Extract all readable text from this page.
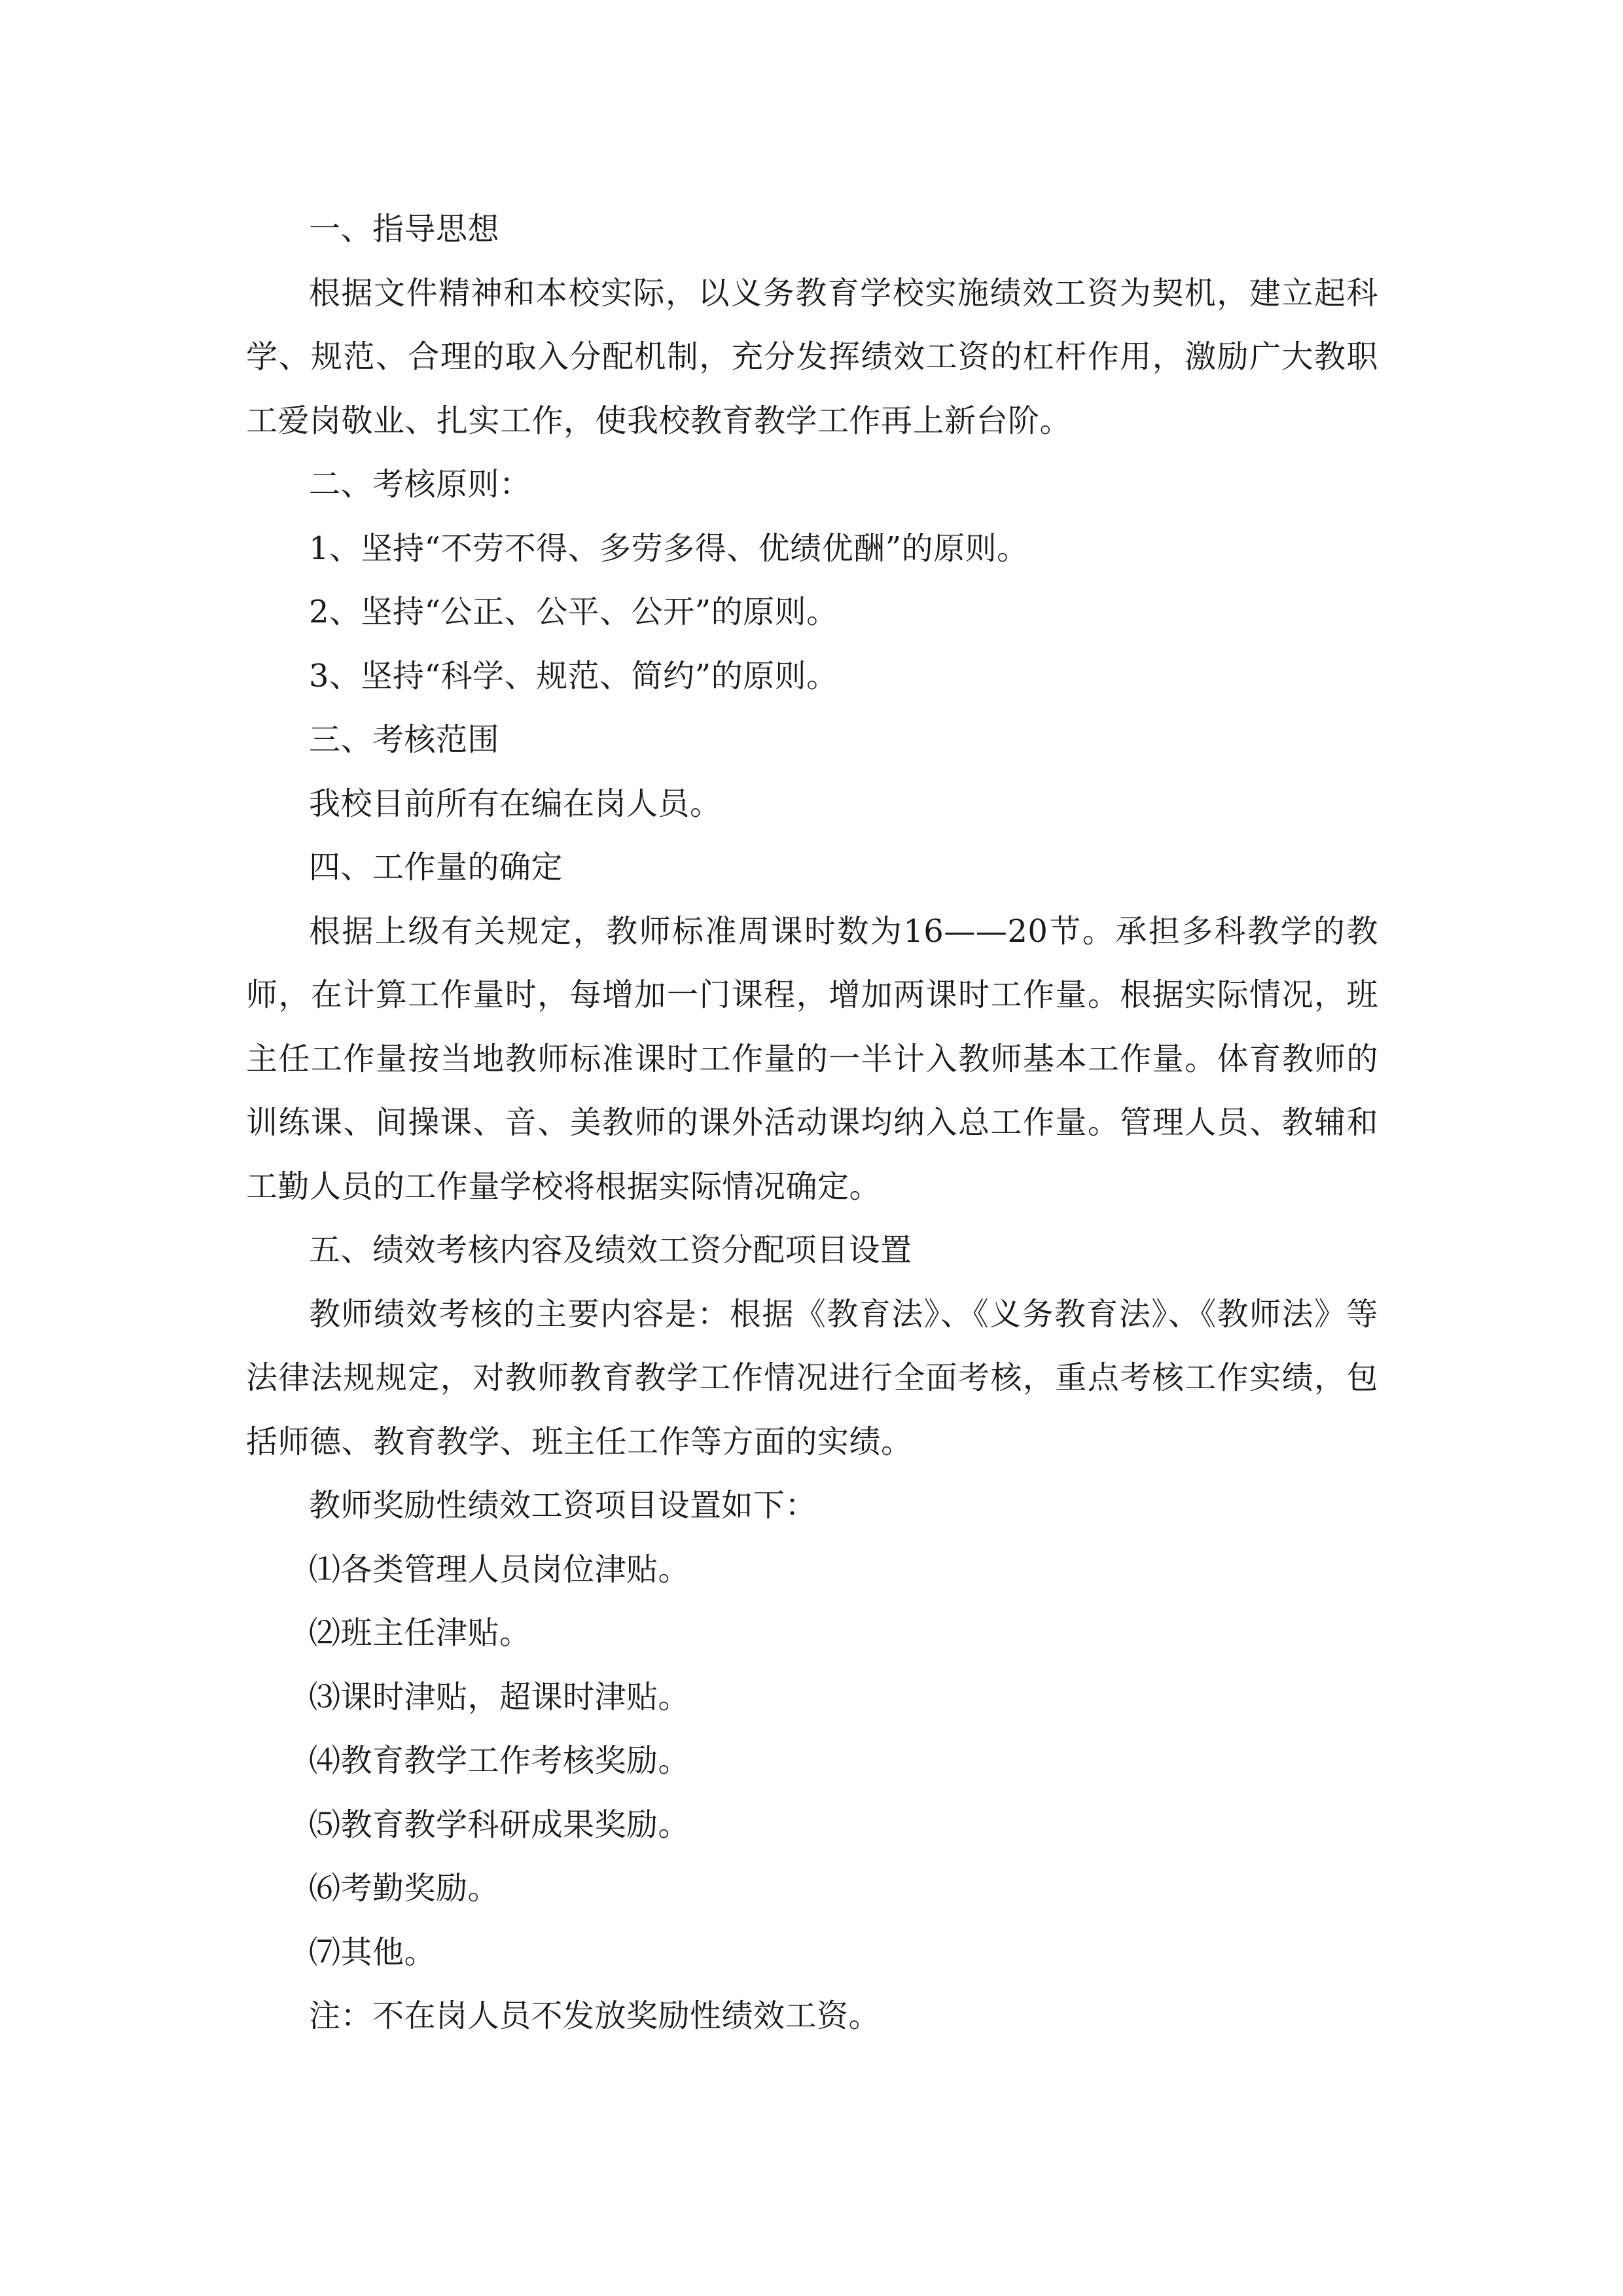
一、指导思想

根据文件精神和本校实际，以义务教育学校实施绩效工资为契机，建立起科学、规范、合理的取入分配机制，充分发挥绩效工资的杠杆作用，激励广大教职工爱岗敬业、扎实工作，使我校教育教学工作再上新台阶。

二、考核原则：

1、坚持“不劳不得、多劳多得、优绩优酬”的原则。

2、坚持“公正、公平、公开”的原则。

3、坚持“科学、规范、简约”的原则。

三、考核范围

我校目前所有在编在岗人员。

四、工作量的确定

根据上级有关规定，教师标准周课时数为16——20节。承担多科教学的教师，在计算工作量时，每增加一门课程，增加两课时工作量。根据实际情况，班主任工作量按当地教师标准课时工作量的一半计入教师基本工作量。体育教师的训练课、间操课、音、美教师的课外活动课均纳入总工作量。管理人员、教辅和工勤人员的工作量学校将根据实际情况确定。

五、绩效考核内容及绩效工资分配项目设置

教师绩效考核的主要内容是：根据《教育法》、《义务教育法》、《教师法》等法律法规规定，对教师教育教学工作情况进行全面考核，重点考核工作实绩，包括师德、教育教学、班主任工作等方面的实绩。

教师奖励性绩效工资项目设置如下：

⑴各类管理人员岗位津贴。

⑵班主任津贴。

⑶课时津贴，超课时津贴。

⑷教育教学工作考核奖励。

⑸教育教学科研成果奖励。

⑹考勤奖励。

⑺其他。

注：不在岗人员不发放奖励性绩效工资。
